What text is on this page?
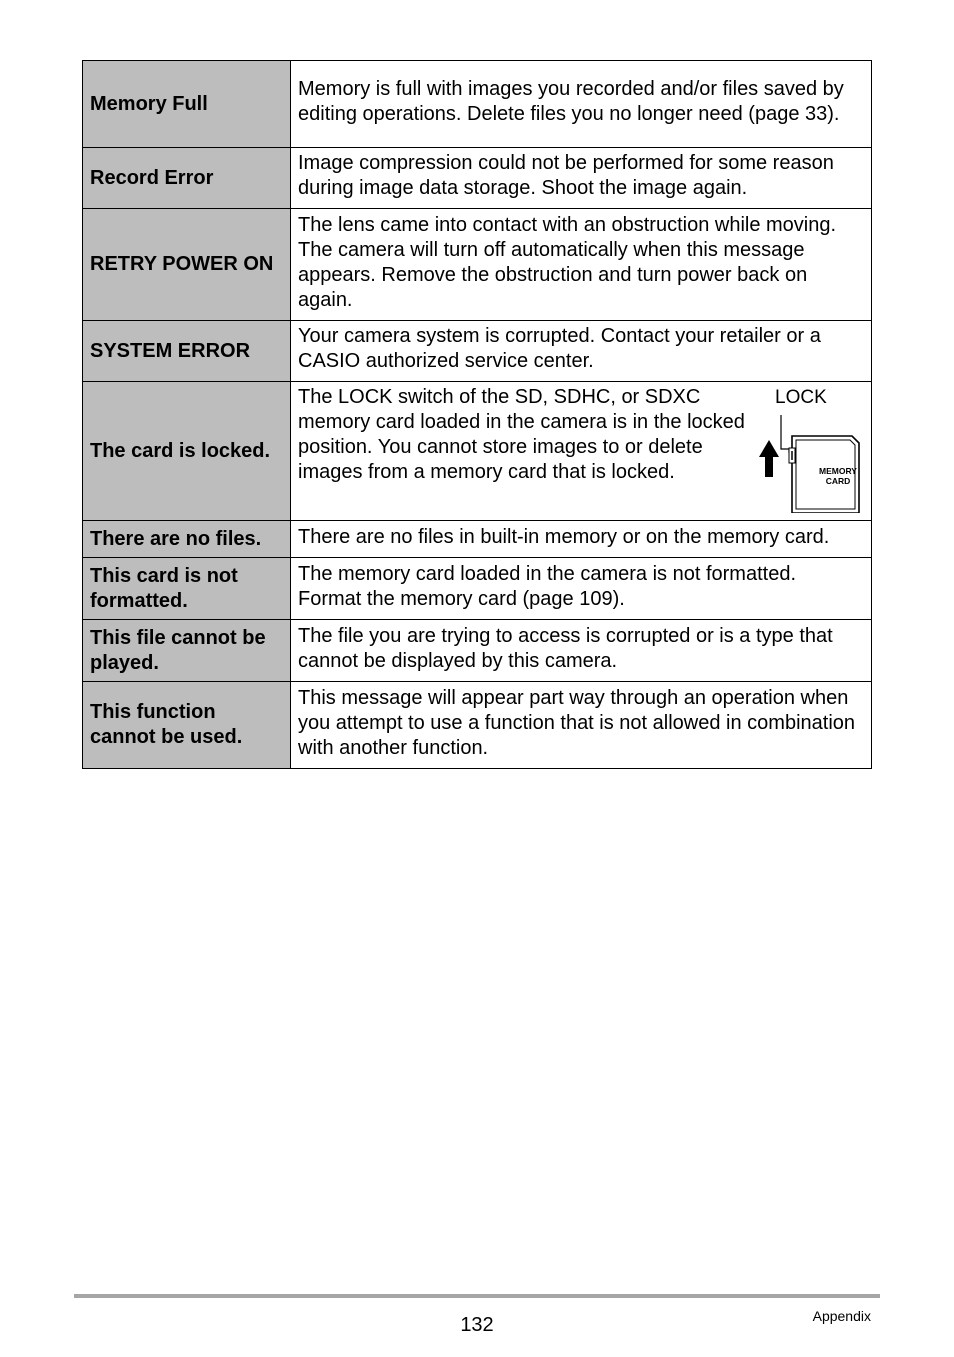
Memory Full	Memory is full with images you recorded and/or files saved by editing operations. Delete files you no longer need (page 33).
Record Error	Image compression could not be performed for some reason during image data storage. Shoot the image again.
RETRY POWER ON	The lens came into contact with an obstruction while moving. The camera will turn off automatically when this message appears. Remove the obstruction and turn power back on again.
SYSTEM ERROR	Your camera system is corrupted. Contact your retailer or a CASIO authorized service center.
The card is locked.	The LOCK switch of the SD, SDHC, or SDXC memory card loaded in the camera is in the locked position. You cannot store images to or delete images from a memory card that is locked.
LOCK
MEMORY
CARD

There are no files.	There are no files in built-in memory or on the memory card.
This card is not formatted.	The memory card loaded in the camera is not formatted. Format the memory card (page 109).
This file cannot be played.	The file you are trying to access is corrupted or is a type that cannot be displayed by this camera.
This function cannot be used.	This message will appear part way through an operation when you attempt to use a function that is not allowed in combination with another function.
132	Appendix
